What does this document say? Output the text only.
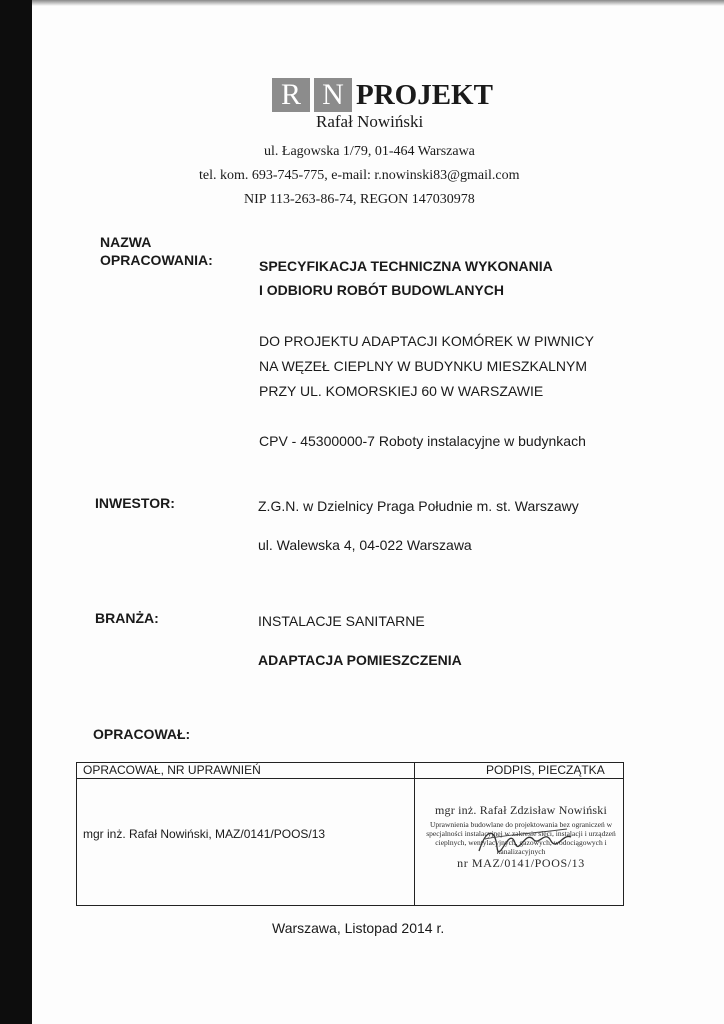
R N PROJEKT
Rafał Nowiński
ul. Łagowska 1/79, 01-464 Warszawa
tel. kom. 693-745-775, e-mail: r.nowinski83@gmail.com
NIP 113-263-86-74, REGON 147030978
NAZWA
OPRACOWANIA:	SPECYFIKACJA TECHNICZNA WYKONANIA
I ODBIORU ROBÓT BUDOWLANYCH
DO PROJEKTU ADAPTACJI KOMÓREK W PIWNICY
NA WĘZEŁ CIEPLNY W BUDYNKU MIESZKALNYM
PRZY UL. KOMORSKIEJ 60 W WARSZAWIE
CPV - 45300000-7 Roboty instalacyjne w budynkach
INWESTOR:	Z.G.N. w Dzielnicy Praga Południe m. st. Warszawy
ul. Walewska 4, 04-022 Warszawa
BRANŻA:	INSTALACJE SANITARNE
ADAPTACJA POMIESZCZENIA
OPRACOWAŁ:
OPRACOWAŁ, NR UPRAWNIEŃ	PODPIS, PIECZĄTKA
mgr inż. Rafał Nowiński, MAZ/0141/POOS/13
mgr inż. Rafał Zdzisław Nowiński
Uprawnienia budowlane do projektowania bez ograniczeń w specjalności instalacyjnej w zakresie sieci, instalacji i urządzeń cieplnych, wentylacyjnych, gazowych, wodociągowych i kanalizacyjnych
nr MAZ/0141/POOS/13
Warszawa, Listopad 2014 r.
